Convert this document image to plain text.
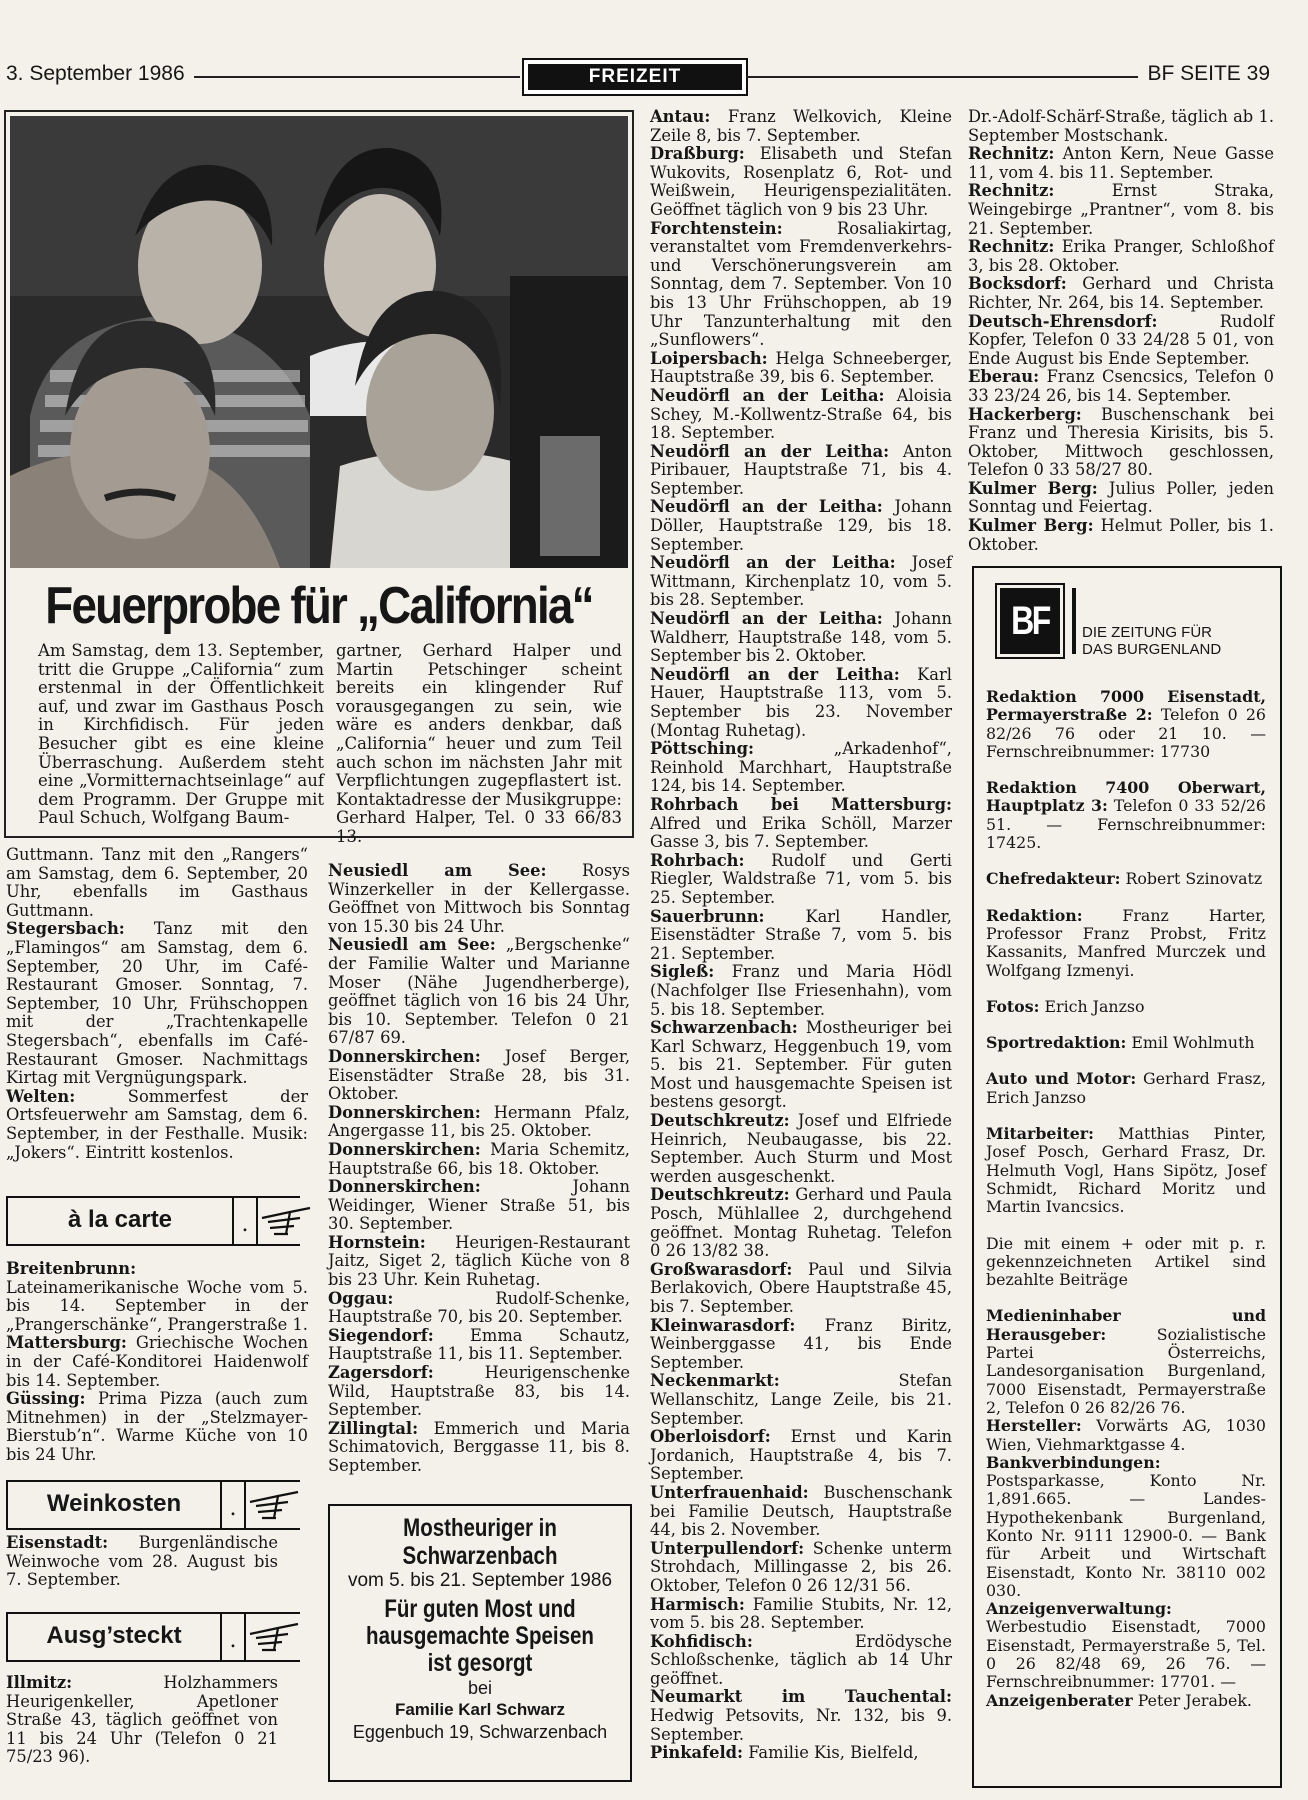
3. September 1986	FREIZEIT	BF SEITE 39
Feuerprobe für „California“
Am Samstag, dem 13. September, tritt die Gruppe „California“ zum erstenmal in der Öffentlichkeit auf, und zwar im Gasthaus Posch in Kirchfidisch. Für jeden Besucher gibt es eine kleine Überraschung. Außerdem steht eine „Vormitternachtseinlage“ auf dem Programm. Der Gruppe mit Paul Schuch, Wolfgang Baum-
gartner, Gerhard Halper und Martin Petschinger scheint bereits ein klingender Ruf vorausgegangen zu sein, wie wäre es anders denkbar, daß „California“ heuer und zum Teil auch schon im nächsten Jahr mit Verpflichtungen zugepflastert ist. Kontaktadresse der Musikgruppe: Gerhard Halper, Tel. 0 33 66/83 13.

Guttmann. Tanz mit den „Rangers“ am Samstag, dem 6. September, 20 Uhr, ebenfalls im Gasthaus Guttmann.

Stegersbach: Tanz mit den „Flamingos“ am Samstag, dem 6. September, 20 Uhr, im Café-Restaurant Gmoser. Sonntag, 7. September, 10 Uhr, Frühschoppen mit der „Trachtenkapelle Stegersbach“, ebenfalls im Café-Restaurant Gmoser. Nachmittags Kirtag mit Vergnügungspark.

Welten:	Sommerfest der Ortsfeuerwehr am Samstag, dem 6. September, in der Festhalle. Musik: „Jokers“. Eintritt kostenlos.

à la carte	.

Breitenbrunn: Lateinamerikanische Woche vom 5. bis 14. September in der „Prangerschänke“, Prangerstraße 1.

Mattersburg: Griechische Wochen in der Café-Konditorei Haidenwolf bis 14. September.

Güssing: Prima Pizza (auch zum Mitnehmen) in der „Stelzmayer-Bierstub’n“. Warme Küche von 10 bis 24 Uhr.

Weinkosten	.

Eisenstadt: Burgenländische Weinwoche vom 28. August bis 7. September.

Ausg’steckt	.

Illmitz:	Holzhammers Heurigenkeller, Apetloner Straße 43, täglich geöffnet von 11 bis 24 Uhr (Telefon 0 21 75/23 96).

Neusiedl am See: Rosys Winzerkeller in der Kellergasse. Geöffnet von Mittwoch bis Sonntag von 15.30 bis 24 Uhr.

Neusiedl am See: „Bergschenke“ der Familie Walter und Marianne Moser (Nähe Jugendherberge), geöffnet täglich von 16 bis 24 Uhr, bis 10. September. Telefon 0 21 67/87 69.

Donnerskirchen: Josef Berger, Eisenstädter Straße 28, bis 31. Oktober.

Donnerskirchen: Hermann Pfalz, Angergasse 11, bis 25. Oktober.

Donnerskirchen: Maria Schemitz, Hauptstraße 66, bis 18. Oktober.

Donnerskirchen:	Johann Weidinger, Wiener Straße 51, bis 30. September.

Hornstein: Heurigen-Restaurant Jaitz, Siget 2, täglich Küche von 8 bis 23 Uhr. Kein Ruhetag.

Oggau:	Rudolf-Schenke, Hauptstraße 70, bis 20. September.

Siegendorf: Emma Schautz, Hauptstraße 11, bis 11. September.

Zagersdorf:	Heurigenschenke Wild, Hauptstraße 83, bis 14. September.

Zillingtal: Emmerich und Maria Schimatovich, Berggasse 11, bis 8. September.

Mostheuriger in Schwarzenbach
vom 5. bis 21. September 1986
Für guten Most und hausgemachte Speisen ist gesorgt
bei
Familie Karl Schwarz
Eggenbuch 19, Schwarzenbach

Antau: Franz Welkovich, Kleine Zeile 8, bis 7. September.

Draßburg: Elisabeth und Stefan Wukovits, Rosenplatz 6, Rot- und Weißwein, Heurigenspezialitäten. Geöffnet täglich von 9 bis 23 Uhr.

Forchtenstein:	Rosaliakirtag, veranstaltet vom Fremdenverkehrs- und Verschönerungsverein am Sonntag, dem 7. September. Von 10 bis 13 Uhr Frühschoppen, ab 19 Uhr Tanzunterhaltung mit den „Sunflowers“.

Loipersbach: Helga Schneeberger, Hauptstraße 39, bis 6. September.

Neudörfl an der Leitha: Aloisia Schey, M.-Kollwentz-Straße 64, bis 18. September.

Neudörfl an der Leitha: Anton Piribauer, Hauptstraße 71, bis 4. September.

Neudörfl an der Leitha: Johann Döller, Hauptstraße 129, bis 18. September.

Neudörfl an der Leitha: Josef Wittmann, Kirchenplatz 10, vom 5. bis 28. September.

Neudörfl an der Leitha: Johann Waldherr, Hauptstraße 148, vom 5. September bis 2. Oktober.

Neudörfl an der Leitha: Karl Hauer, Hauptstraße 113, vom 5. September bis 23. November (Montag Ruhetag).

Pöttsching:	„Arkadenhof“, Reinhold Marchhart, Hauptstraße 124, bis 14. September.

Rohrbach bei Mattersburg: Alfred und Erika Schöll, Marzer Gasse 3, bis 7. September.

Rohrbach: Rudolf und Gerti Riegler, Waldstraße 71, vom 5. bis 25. September.

Sauerbrunn:	Karl Handler, Eisenstädter Straße 7, vom 5. bis 21. September.

Sigleß: Franz und Maria Hödl (Nachfolger Ilse Friesenhahn), vom 5. bis 18. September.

Schwarzenbach: Mostheuriger bei Karl Schwarz, Heggenbuch 19, vom 5. bis 21. September. Für guten Most und hausgemachte Speisen ist bestens gesorgt.

Deutschkreutz: Josef und Elfriede Heinrich, Neubaugasse, bis 22. September. Auch Sturm und Most werden ausgeschenkt.

Deutschkreutz: Gerhard und Paula Posch, Mühlallee 2, durchgehend geöffnet. Montag Ruhetag. Telefon 0 26 13/82 38.

Großwarasdorf: Paul und Silvia Berlakovich, Obere Hauptstraße 45, bis 7. September.

Kleinwarasdorf: Franz Biritz, Weinberggasse 41, bis Ende September.

Neckenmarkt:	Stefan Wellanschitz, Lange Zeile, bis 21. September.

Oberloisdorf: Ernst und Karin Jordanich, Hauptstraße 4, bis 7. September.

Unterfrauenhaid: Buschenschank bei Familie Deutsch, Hauptstraße 44, bis 2. November.

Unterpullendorf: Schenke unterm Strohdach, Millingasse 2, bis 26. Oktober, Telefon 0 26 12/31 56.

Harmisch: Familie Stubits, Nr. 12, vom 5. bis 28. September.

Kohfidisch:	Erdödysche Schloßschenke, täglich ab 14 Uhr geöffnet.

Neumarkt im Tauchental: Hedwig Petsovits, Nr. 132, bis 9. September.

Pinkafeld: Familie Kis, Bielfeld,

Dr.-Adolf-Schärf-Straße, täglich ab 1. September Mostschank.

Rechnitz: Anton Kern, Neue Gasse 11, vom 4. bis 11. September.

Rechnitz:	Ernst Straka, Weingebirge „Prantner“, vom 8. bis 21. September.

Rechnitz: Erika Pranger, Schloßhof 3, bis 28. Oktober.

Bocksdorf: Gerhard und Christa Richter, Nr. 264, bis 14. September.

Deutsch-Ehrensdorf:	Rudolf Kopfer, Telefon 0 33 24/28 5 01, von Ende August bis Ende September.

Eberau: Franz Csencsics, Telefon 0 33 23/24 26, bis 14. September.

Hackerberg: Buschenschank bei Franz und Theresia Kirisits, bis 5. Oktober, Mittwoch geschlossen, Telefon 0 33 58/27 80.

Kulmer Berg: Julius Poller, jeden Sonntag und Feiertag.

Kulmer Berg: Helmut Poller, bis 1. Oktober.

BF DIE ZEITUNG FÜR
DAS BURGENLAND

Redaktion 7000 Eisenstadt, Permayerstraße 2: Telefon 0 26 82/26 76 oder 21 10. — Fernschreibnummer: 17730

Redaktion 7400 Oberwart, Hauptplatz 3: Telefon 0 33 52/26 51. — Fernschreibnummer: 17425.

Chefredakteur: Robert Szinovatz

Redaktion:	Franz Harter, Professor Franz Probst, Fritz Kassanits, Manfred Murczek und Wolfgang Izmenyi.

Fotos: Erich Janzso

Sportredaktion: Emil Wohlmuth

Auto und Motor: Gerhard Frasz, Erich Janzso

Mitarbeiter: Matthias Pinter, Josef Posch, Gerhard Frasz, Dr. Helmuth Vogl, Hans Sipötz, Josef Schmidt, Richard Moritz und Martin Ivancsics.

Die mit einem + oder mit p. r. gekennzeichneten Artikel sind bezahlte Beiträge

Medieninhaber und Herausgeber:	Sozialistische Partei Österreichs, Landesorganisation Burgenland, 7000 Eisenstadt, Permayerstraße 2, Telefon 0 26 82/26 76.

Hersteller: Vorwärts AG, 1030 Wien, Viehmarktgasse 4.

Bankverbindungen: Postsparkasse, Konto Nr. 1,891.665. — Landes-Hypothekenbank Burgenland, Konto Nr. 9111 12900-0. — Bank für Arbeit und Wirtschaft Eisenstadt, Konto Nr. 38110 002 030.

Anzeigenverwaltung: Werbestudio Eisenstadt, 7000 Eisenstadt, Permayerstraße 5, Tel. 0 26 82/48 69, 26 76. — Fernschreibnummer: 17701. —

Anzeigenberater Peter Jerabek.
